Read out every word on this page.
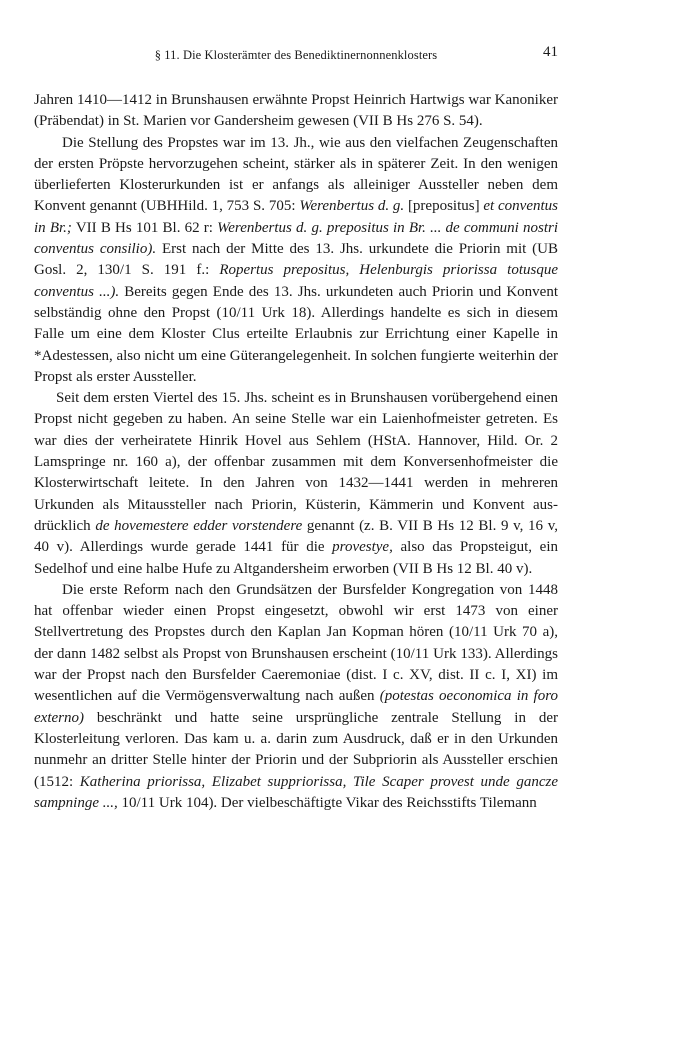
§ 11. Die Klosterämter des Benediktinernonnenklosters	41

Jahren 1410—1412 in Brunshausen erwähnte Propst Heinrich Hartwigs war Kanoniker (Präbendat) in St. Marien vor Gandersheim gewesen (VII B Hs 276 S. 54).

Die Stellung des Propstes war im 13. Jh., wie aus den vielfachen Zeugenschaften der ersten Pröpste hervorzugehen scheint, stärker als in späterer Zeit. In den wenigen überlieferten Klosterurkunden ist er anfangs als alleiniger Aussteller neben dem Konvent genannt (UBHHild. 1, 753 S. 705: Werenbertus d. g. [prepositus] et conventus in Br.; VII B Hs 101 Bl. 62 r: Werenbertus d. g. prepositus in Br. ... de communi nostri conventus consilio). Erst nach der Mitte des 13. Jhs. urkundete die Priorin mit (UB Gosl. 2, 130/1 S. 191 f.: Ropertus prepositus, Helenburgis priorissa totusque conventus ...). Bereits gegen Ende des 13. Jhs. urkundeten auch Priorin und Konvent selbständig ohne den Propst (10/11 Urk 18). Allerdings handelte es sich in diesem Falle um eine dem Kloster Clus erteilte Erlaubnis zur Errichtung einer Kapelle in *Adestessen, also nicht um eine Güterangelegenheit. In solchen fungierte weiterhin der Propst als erster Aussteller.

Seit dem ersten Viertel des 15. Jhs. scheint es in Brunshausen vorübergehend einen Propst nicht gegeben zu haben. An seine Stelle war ein Laienhofmeister getreten. Es war dies der verheiratete Hinrik Hovel aus Sehlem (HStA. Hannover, Hild. Or. 2 Lamspringe nr. 160 a), der offenbar zusammen mit dem Konversenhofmeister die Klosterwirtschaft leitete. In den Jahren von 1432—1441 werden in mehreren Urkunden als Mitaussteller nach Priorin, Küsterin, Kämmerin und Konvent ausdrücklich de hovemestere edder vorstendere genannt (z. B. VII B Hs 12 Bl. 9 v, 16 v, 40 v). Allerdings wurde gerade 1441 für die provestye, also das Propsteigut, ein Sedelhof und eine halbe Hufe zu Altgandersheim erworben (VII B Hs 12 Bl. 40 v).

Die erste Reform nach den Grundsätzen der Bursfelder Kongregation von 1448 hat offenbar wieder einen Propst eingesetzt, obwohl wir erst 1473 von einer Stellvertretung des Propstes durch den Kaplan Jan Kopman hören (10/11 Urk 70 a), der dann 1482 selbst als Propst von Brunshausen erscheint (10/11 Urk 133). Allerdings war der Propst nach den Bursfelder Caeremoniae (dist. I c. XV, dist. II c. I, XI) im wesentlichen auf die Vermögensverwaltung nach außen (potestas oeconomica in foro externo) beschränkt und hatte seine ursprüngliche zentrale Stellung in der Klosterleitung verloren. Das kam u. a. darin zum Ausdruck, daß er in den Urkunden nunmehr an dritter Stelle hinter der Priorin und der Subpriorin als Aussteller erschien (1512: Katherina priorissa, Elizabet suppriorissa, Tile Scaper provest unde gancze sampninge ..., 10/11 Urk 104). Der vielbeschäftigte Vikar des Reichsstifts Tilemann
